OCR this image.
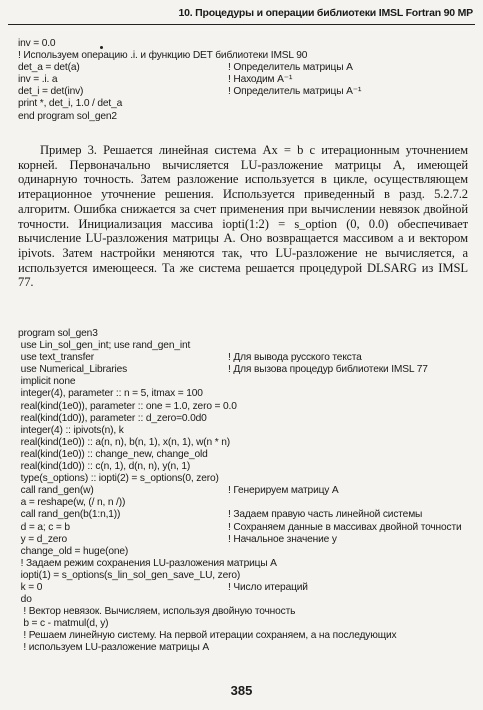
10. Процедуры и операции библиотеки IMSL Fortran 90 MP
inv = 0.0
! Используем операцию .i. и функцию DET библиотеки IMSL 90
det_a = det(a)	! Определитель матрицы A
inv = .i. a	! Находим A⁻¹
det_i = det(inv)	! Определитель матрицы A⁻¹
print *, det_i, 1.0 / det_a
end program sol_gen2

Пример 3. Решается линейная система Ax = b с итерационным уточнением корней. Первоначально вычисляется LU-разложение матрицы A, имеющей одинарную точность. Затем разложение используется в цикле, осуществляющем итерационное уточнение решения. Используется приведенный в разд. 5.2.7.2 алгоритм. Ошибка снижается за счет применения при вычислении невязок двойной точности. Инициализация массива iopti(1:2) = s_option (0, 0.0) обеспечивает вычисление LU-разложения матрицы A. Оно возвращается массивом a и вектором ipivots. Затем настройки меняются так, что LU-разложение не вычисляется, а используется имеющееся. Та же система решается процедурой DLSARG из IMSL 77.

program sol_gen3
use Lin_sol_gen_int; use rand_gen_int
use text_transfer	! Для вывода русского текста
use Numerical_Libraries	! Для вызова процедур библиотеки IMSL 77
implicit none
integer(4), parameter :: n = 5, itmax = 100
real(kind(1e0)), parameter :: one = 1.0, zero = 0.0
real(kind(1d0)), parameter :: d_zero=0.0d0
integer(4) :: ipivots(n), k
real(kind(1e0)) :: a(n, n), b(n, 1), x(n, 1), w(n * n)
real(kind(1e0)) :: change_new, change_old
real(kind(1d0)) :: c(n, 1), d(n, n), y(n, 1)
type(s_options) :: iopti(2) = s_options(0, zero)
call rand_gen(w)	! Генерируем матрицу A
a = reshape(w, (/ n, n /))
call rand_gen(b(1:n,1))	! Задаем правую часть линейной системы
d = a; c = b	! Сохраняем данные в массивах двойной точности
y = d_zero	! Начальное значение y
change_old = huge(one)
! Задаем режим сохранения LU-разложения матрицы A
iopti(1) = s_options(s_lin_sol_gen_save_LU, zero)
k = 0	! Число итераций
do
! Вектор невязок. Вычисляем, используя двойную точность
b = c - matmul(d, y)
! Решаем линейную систему. На первой итерации сохраняем, а на последующих
! используем LU-разложение матрицы A
385
